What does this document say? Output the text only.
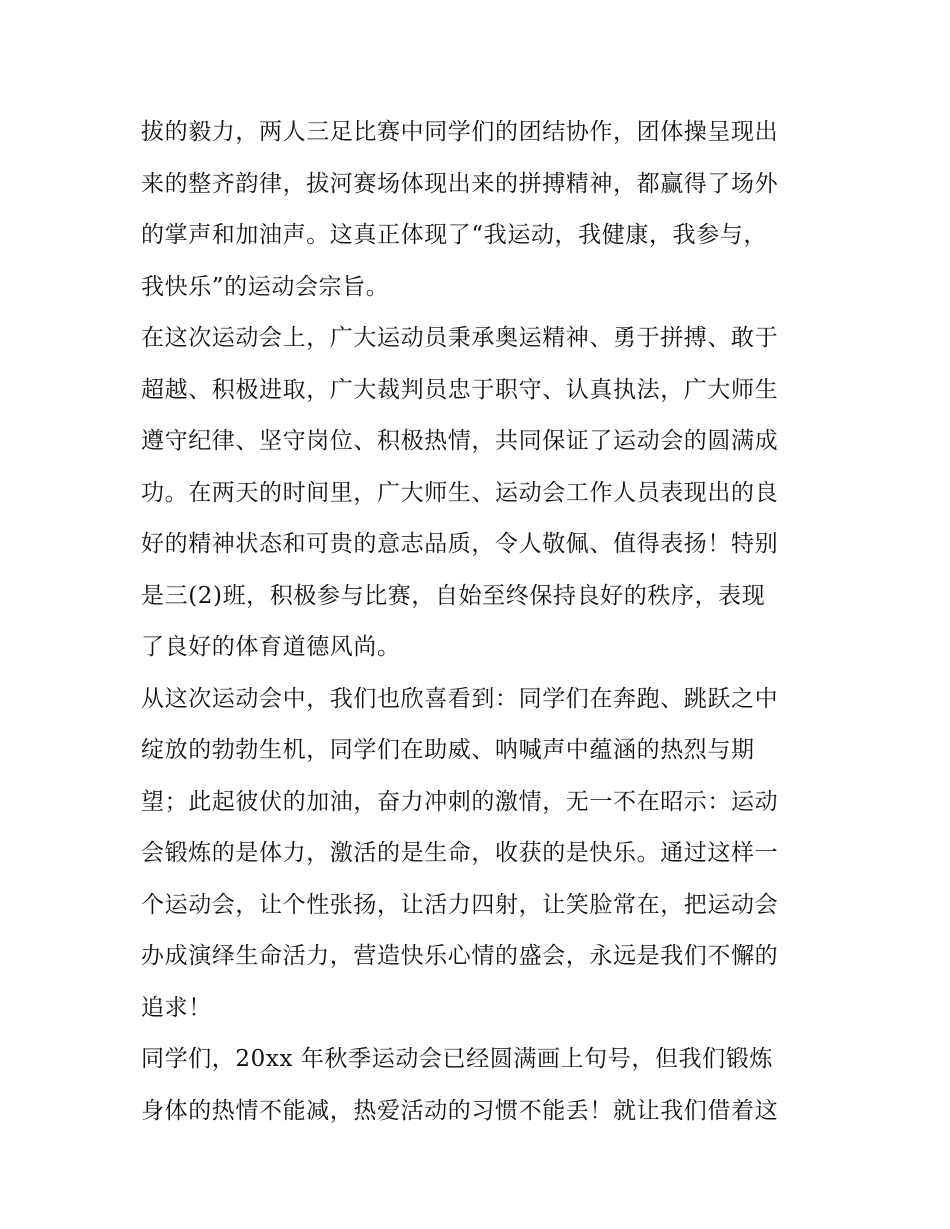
拔的毅力，两人三足比赛中同学们的团结协作，团体操呈现出
来的整齐韵律，拔河赛场体现出来的拼搏精神，都赢得了场外
的掌声和加油声。这真正体现了“我运动，我健康，我参与，
我快乐”的运动会宗旨。
在这次运动会上，广大运动员秉承奥运精神、勇于拼搏、敢于
超越、积极进取，广大裁判员忠于职守、认真执法，广大师生
遵守纪律、坚守岗位、积极热情，共同保证了运动会的圆满成
功。在两天的时间里，广大师生、运动会工作人员表现出的良
好的精神状态和可贵的意志品质，令人敬佩、值得表扬！特别
是三(2)班，积极参与比赛，自始至终保持良好的秩序，表现
了良好的体育道德风尚。
从这次运动会中，我们也欣喜看到：同学们在奔跑、跳跃之中
绽放的勃勃生机，同学们在助威、呐喊声中蕴涵的热烈与期
望；此起彼伏的加油，奋力冲刺的激情，无一不在昭示：运动
会锻炼的是体力，激活的是生命，收获的是快乐。通过这样一
个运动会，让个性张扬，让活力四射，让笑脸常在，把运动会
办成演绎生命活力，营造快乐心情的盛会，永远是我们不懈的
追求！
同学们，20xx 年秋季运动会已经圆满画上句号，但我们锻炼
身体的热情不能减，热爱活动的习惯不能丢！就让我们借着这
